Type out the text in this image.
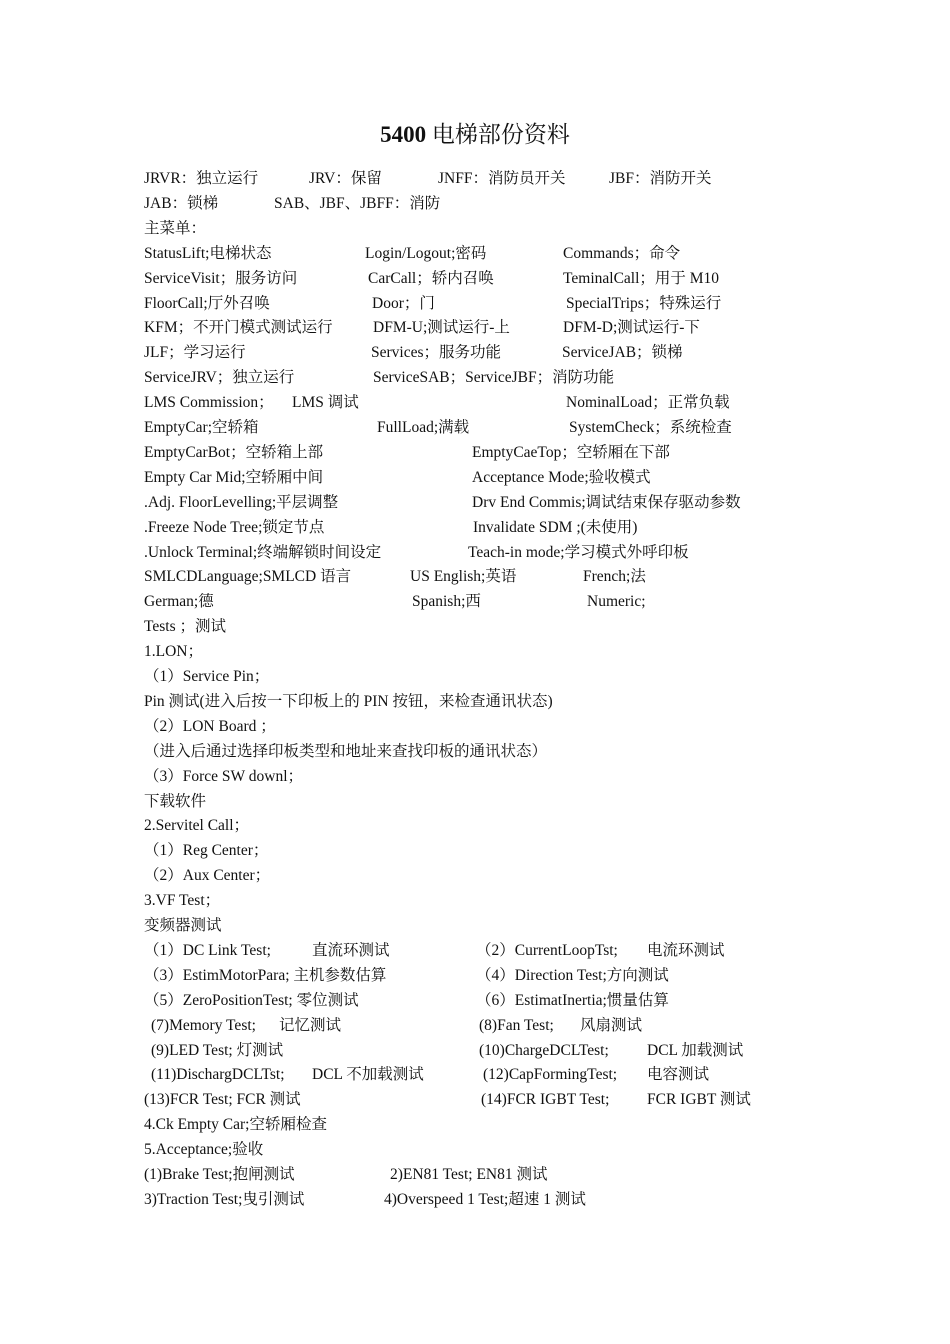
5400 电梯部份资料
JRVR：独立运行	JRV：保留	JNFF：消防员开关	JBF：消防开关
JAB：锁梯	SAB、JBF、JBFF：消防
主菜单：
StatusLift;电梯状态	Login/Logout;密码	Commands；命令
ServiceVisit；服务访问	CarCall；轿内召唤	TeminalCall；用于 M10
FloorCall;厅外召唤	Door；门	SpecialTrips；特殊运行
KFM；不开门模式测试运行	DFM-U;测试运行-上	DFM-D;测试运行-下
JLF；学习运行	Services；服务功能	ServiceJAB；锁梯
ServiceJRV；独立运行	ServiceSAB；ServiceJBF；消防功能
LMS Commission； LMS 调试	NominalLoad；正常负载
EmptyCar;空轿箱	FullLoad;满载	SystemCheck；系统检查
EmptyCarBot；空轿箱上部	EmptyCaeTop；空轿厢在下部
Empty Car Mid;空轿厢中间	Acceptance Mode;验收模式
.Adj. FloorLevelling;平层调整	Drv End Commis;调试结束保存驱动参数
.Freeze Node Tree;锁定节点	Invalidate SDM ;(未使用)
.Unlock Terminal;终端解锁时间设定	Teach-in mode;学习模式外呼印板
SMLCDLanguage;SMLCD 语言	US English;英语	French;法
German;德	Spanish;西	Numeric;
Tests ；测试
1.LON；
（1）Service Pin；
Pin 测试(进入后按一下印板上的 PIN 按钮，来检查通讯状态)
（2）LON Board ；
（进入后通过选择印板类型和地址来查找印板的通讯状态）
（3）Force SW downl；
下载软件
2.Servitel Call；
（1）Reg Center；
（2）Aux Center；
3.VF Test；
变频器测试
（1）DC Link Test;	直流环测试	（2）CurrentLoopTst; 电流环测试
（3）EstimMotorPara; 主机参数估算	（4）Direction Test;方向测试
（5）ZeroPositionTest; 零位测试	（6）EstimatInertia;惯量估算
(7)Memory Test; 记忆测试	(8)Fan Test; 风扇测试
(9)LED Test; 灯测试	(10)ChargeDCLTest; DCL 加载测试
(11)DischargDCLTst; DCL 不加载测试	(12)CapFormingTest; 电容测试
(13)FCR Test; FCR 测试	(14)FCR IGBT Test; FCR IGBT 测试
4.Ck Empty Car;空轿厢检查
5.Acceptance;验收
(1)Brake Test;抱闸测试	2)EN81 Test; EN81 测试
3)Traction Test;曳引测试	4)Overspeed 1 Test;超速 1 测试
